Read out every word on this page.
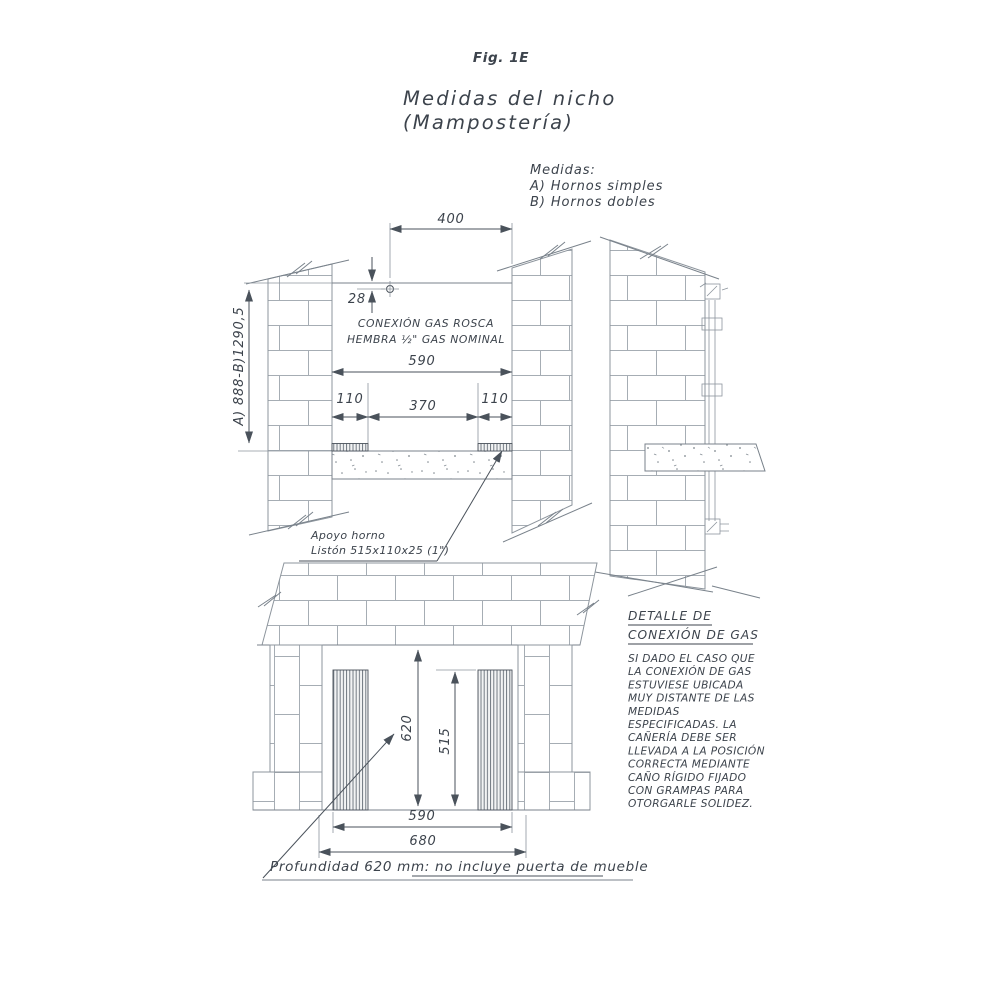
Fig. 1E
Medidas del nicho
(Mampostería)
Medidas:
A) Hornos simples
B) Hornos dobles
400
28
CONEXIÓN GAS ROSCA
HEMBRA ½" GAS NOMINAL
590
110	370	110
A) 888-B)1290,5
Apoyo horno
Listón 515x110x25 (1")
620 515
590
680
Profundidad 620 mm: no incluye puerta de mueble
DETALLE DE
CONEXIÓN DE GAS
SI DADO EL CASO QUE
LA CONEXIÓN DE GAS
ESTUVIESE UBICADA
MUY DISTANTE DE LAS
MEDIDAS
ESPECIFICADAS. LA
CAÑERÍA DEBE SER
LLEVADA A LA POSICIÓN
CORRECTA MEDIANTE
CAÑO RÍGIDO FIJADO
CON GRAMPAS PARA
OTORGARLE SOLIDEZ.
